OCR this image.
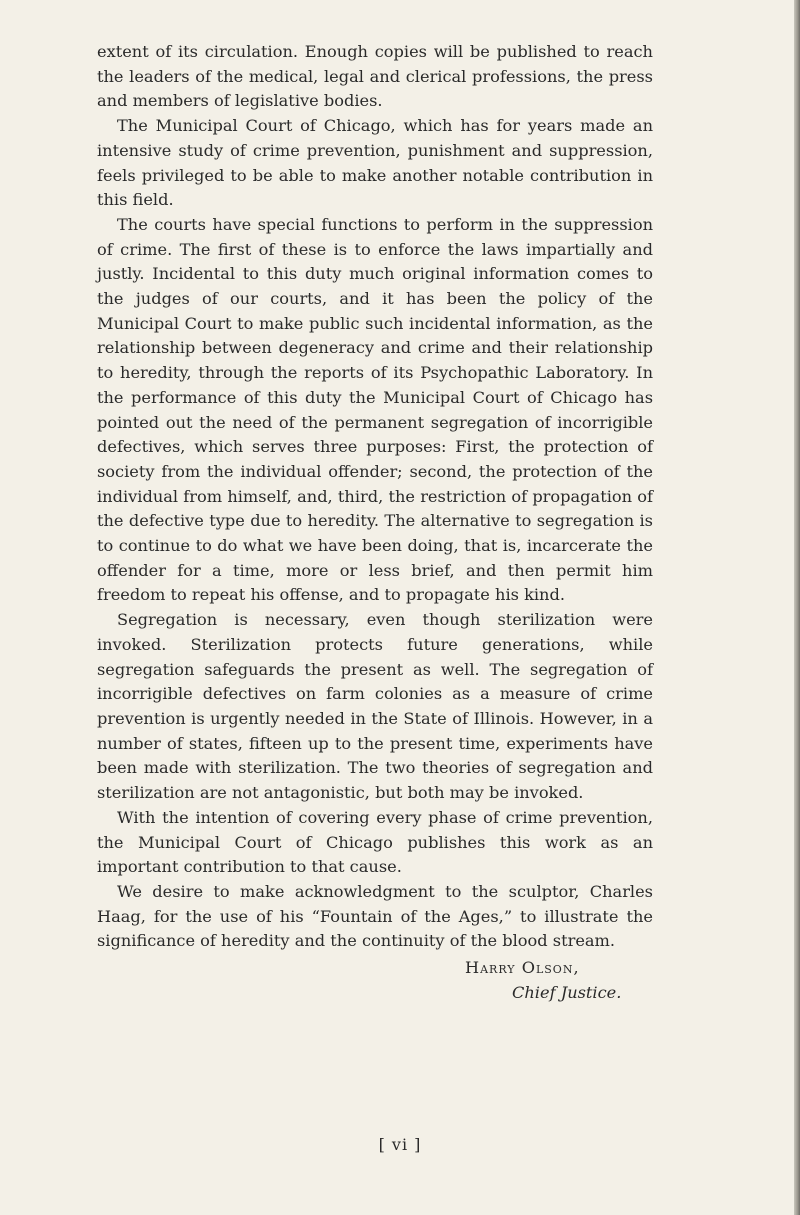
extent of its circulation. Enough copies will be published to reach the leaders of the medical, legal and clerical professions, the press and members of legislative bodies.

The Municipal Court of Chicago, which has for years made an intensive study of crime prevention, punishment and suppression, feels privileged to be able to make another notable contribution in this field.

The courts have special functions to perform in the suppression of crime. The first of these is to enforce the laws impartially and justly. Incidental to this duty much original information comes to the judges of our courts, and it has been the policy of the Municipal Court to make public such incidental information, as the relationship between degeneracy and crime and their relationship to heredity, through the reports of its Psychopathic Laboratory. In the performance of this duty the Municipal Court of Chicago has pointed out the need of the permanent segregation of incorrigible defectives, which serves three purposes: First, the protection of society from the individual offender; second, the protection of the individual from himself, and, third, the restriction of propagation of the defective type due to heredity. The alternative to segregation is to continue to do what we have been doing, that is, incarcerate the offender for a time, more or less brief, and then permit him freedom to repeat his offense, and to propagate his kind.

Segregation is necessary, even though sterilization were invoked. Sterilization protects future generations, while segregation safeguards the present as well. The segregation of incorrigible defectives on farm colonies as a measure of crime prevention is urgently needed in the State of Illinois. However, in a number of states, fifteen up to the present time, experiments have been made with sterilization. The two theories of segregation and sterilization are not antagonistic, but both may be invoked.

With the intention of covering every phase of crime prevention, the Municipal Court of Chicago publishes this work as an important contribution to that cause.

We desire to make acknowledgment to the sculptor, Charles Haag, for the use of his “Fountain of the Ages,” to illustrate the significance of heredity and the continuity of the blood stream.

Harry Olson,
Chief Justice.
[ vi ]
